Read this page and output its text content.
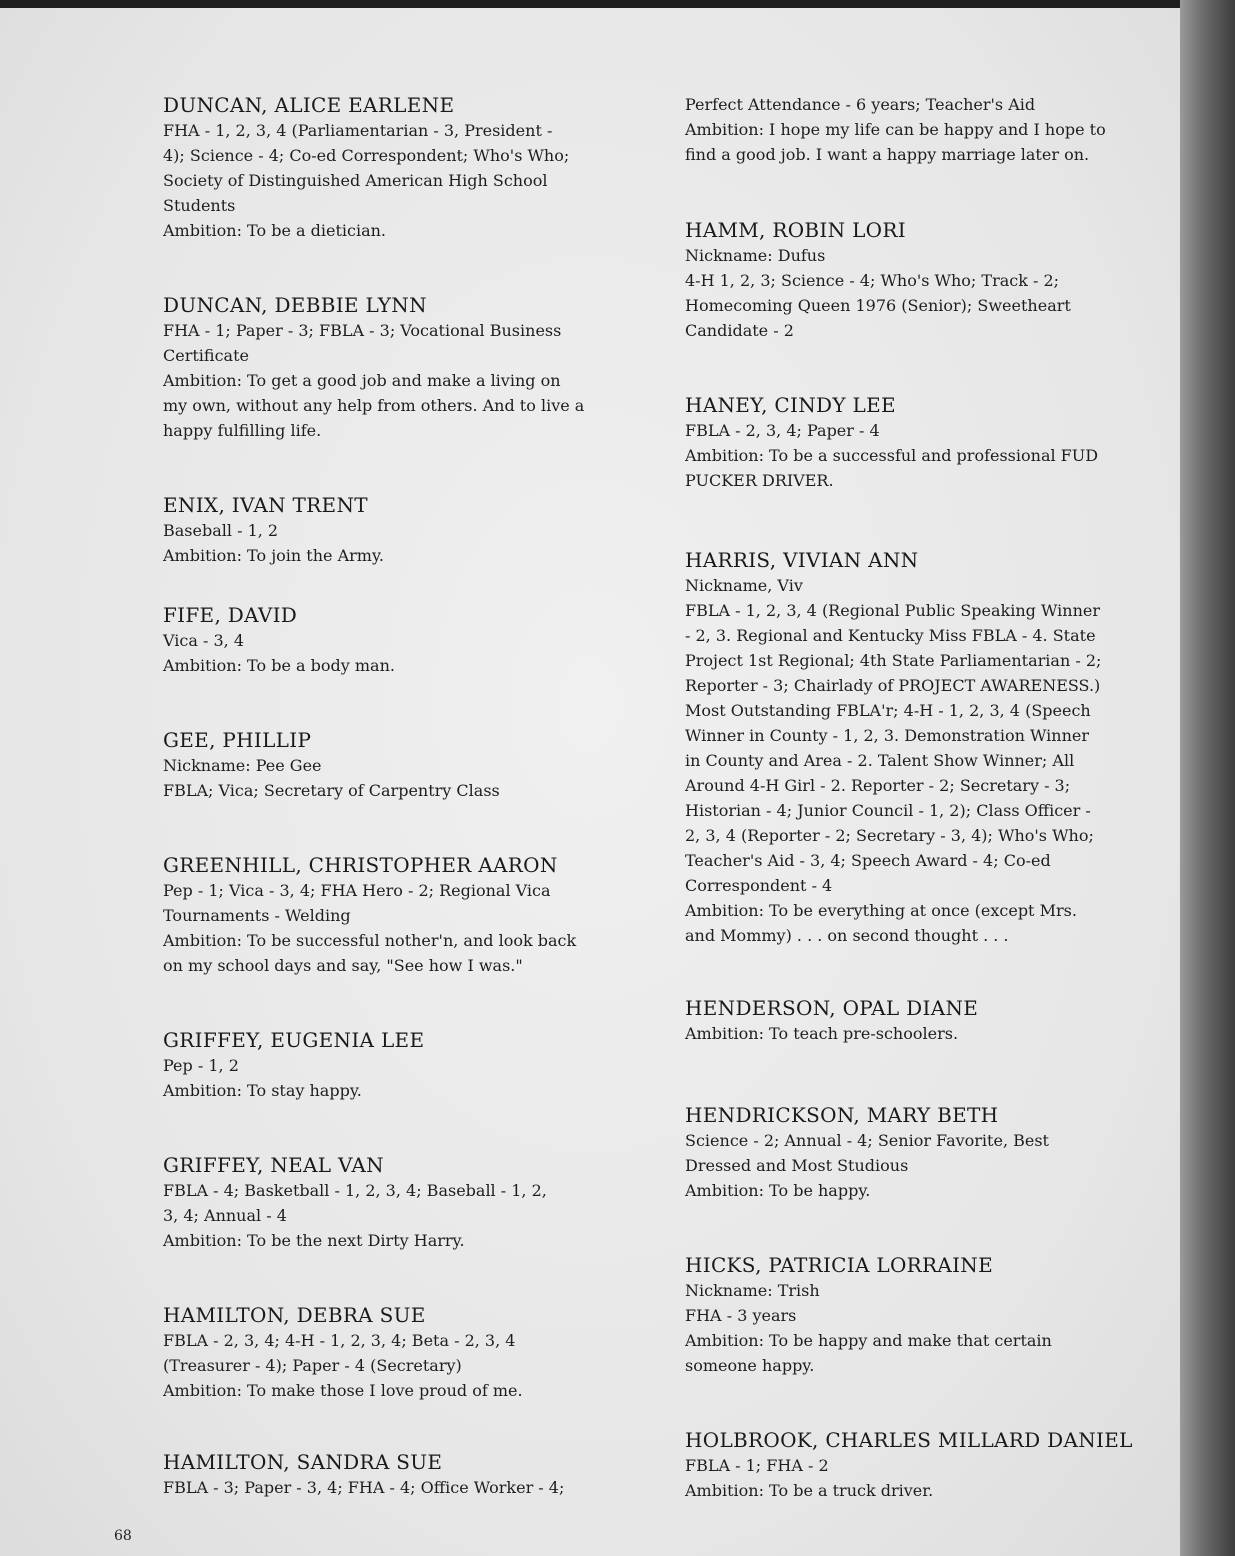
DUNCAN, ALICE EARLENE

FHA - 1, 2, 3, 4 (Parliamentarian - 3, President -

4); Science - 4; Co-ed Correspondent; Who's Who;

Society of Distinguished American High School

Students

Ambition: To be a dietician.

DUNCAN, DEBBIE LYNN

FHA - 1; Paper - 3; FBLA - 3; Vocational Business

Certificate

Ambition: To get a good job and make a living on

my own, without any help from others. And to live a

happy fulfilling life.

ENIX, IVAN TRENT

Baseball - 1, 2

Ambition: To join the Army.

FIFE, DAVID

Vica - 3, 4

Ambition: To be a body man.

GEE, PHILLIP

Nickname: Pee Gee

FBLA; Vica; Secretary of Carpentry Class

GREENHILL, CHRISTOPHER AARON

Pep - 1; Vica - 3, 4; FHA Hero - 2; Regional Vica

Tournaments - Welding

Ambition: To be successful nother'n, and look back

on my school days and say, "See how I was."

GRIFFEY, EUGENIA LEE

Pep - 1, 2

Ambition: To stay happy.

GRIFFEY, NEAL VAN

FBLA - 4; Basketball - 1, 2, 3, 4; Baseball - 1, 2,

3, 4; Annual - 4

Ambition: To be the next Dirty Harry.

HAMILTON, DEBRA SUE

FBLA - 2, 3, 4; 4-H - 1, 2, 3, 4; Beta - 2, 3, 4

(Treasurer - 4); Paper - 4 (Secretary)

Ambition: To make those I love proud of me.

HAMILTON, SANDRA SUE

FBLA - 3; Paper - 3, 4; FHA - 4; Office Worker - 4;

Perfect Attendance - 6 years; Teacher's Aid

Ambition: I hope my life can be happy and I hope to

find a good job. I want a happy marriage later on.

HAMM, ROBIN LORI

Nickname: Dufus

4-H 1, 2, 3; Science - 4; Who's Who; Track - 2;

Homecoming Queen 1976 (Senior); Sweetheart

Candidate - 2

HANEY, CINDY LEE

FBLA - 2, 3, 4; Paper - 4

Ambition: To be a successful and professional FUD

PUCKER DRIVER.

HARRIS, VIVIAN ANN

Nickname, Viv

FBLA - 1, 2, 3, 4 (Regional Public Speaking Winner

- 2, 3. Regional and Kentucky Miss FBLA - 4. State

Project 1st Regional; 4th State Parliamentarian - 2;

Reporter - 3; Chairlady of PROJECT AWARENESS.)

Most Outstanding FBLA'r; 4-H - 1, 2, 3, 4 (Speech

Winner in County - 1, 2, 3. Demonstration Winner

in County and Area - 2. Talent Show Winner; All

Around 4-H Girl - 2. Reporter - 2; Secretary - 3;

Historian - 4; Junior Council - 1, 2); Class Officer -

2, 3, 4 (Reporter - 2; Secretary - 3, 4); Who's Who;

Teacher's Aid - 3, 4; Speech Award - 4; Co-ed

Correspondent - 4

Ambition: To be everything at once (except Mrs.

and Mommy) . . . on second thought . . .

HENDERSON, OPAL DIANE

Ambition: To teach pre-schoolers.

HENDRICKSON, MARY BETH

Science - 2; Annual - 4; Senior Favorite, Best

Dressed and Most Studious

Ambition: To be happy.

HICKS, PATRICIA LORRAINE

Nickname: Trish

FHA - 3 years

Ambition: To be happy and make that certain

someone happy.

HOLBROOK, CHARLES MILLARD DANIEL

FBLA - 1; FHA - 2

Ambition: To be a truck driver.

68
